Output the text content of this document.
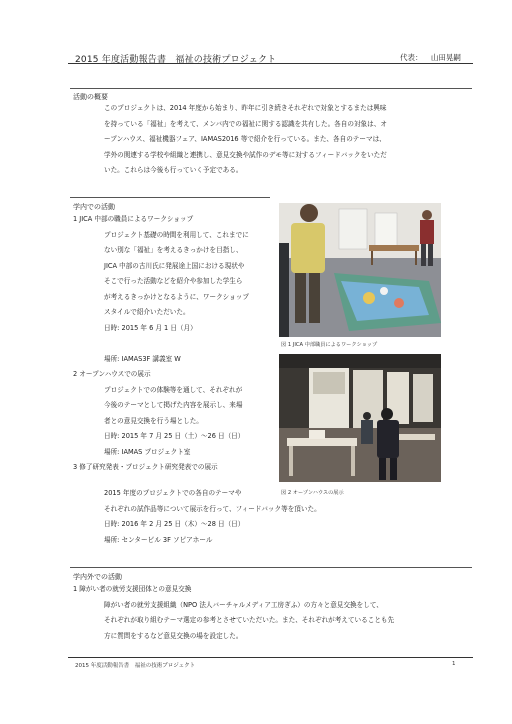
2015 年度活動報告書　福祉の技術プロジェクト	代表： 山田晃嗣
活動の概要
このプロジェクトは、2014 年度から始まり、昨年に引き続きそれぞれで対象とするまたは興味
を持っている「福祉」を考えて、メンバ内での福祉に関する認識を共有した。各自の対象は、オ
ープンハウス、福祉機器フェア、IAMAS2016 等で紹介を行っている。また、各自のテーマは、
学外の関連する学校や組織と連携し、意見交換や試作のデモ等に対するフィードバックをいただ
いた。これらは今後も行っていく予定である。
学内での活動
1 JICA 中部の職員によるワークショップ
プロジェクト基礎の時間を利用して、これまでに
ない別な「福祉」を考えるきっかけを目指し、
JICA 中部の古川氏に発展途上国における現状や
そこで行った活動などを紹介や参加した学生ら
が考えるきっかけとなるように、ワークショップ
スタイルで紹介いただいた。
日時: 2015 年 6 月 1 日（月）
場所: IAMAS3F 講義室 W
2 オープンハウスでの展示
プロジェクトでの体験等を通して、それぞれが
今後のテーマとして掲げた内容を展示し、来場
者との意見交換を行う場とした。
日時: 2015 年 7 月 25 日（土）～26 日（日）
場所: IAMAS プロジェクト室
3 修了研究発表・プロジェクト研究発表での展示
2015 年度のプロジェクトでの各自のテーマや
それぞれの試作品等について展示を行って、フィードバック等を頂いた。
日時: 2016 年 2 月 25 日（木）～28 日（日）
場所: センタービル 3F ソピアホール
図 1 JICA 中部職員によるワークショップ
図 2 オープンハウスの展示
学内外での活動
1 障がい者の就労支援団体との意見交換
障がい者の就労支援組織（NPO 法人バーチャルメディア工房ぎふ）の方々と意見交換をして、
それぞれが取り組むテーマ選定の参考とさせていただいた。また、それぞれが考えていることも先
方に質問をするなど意見交換の場を設定した。
2015 年度活動報告書　福祉の技術プロジェクト	1
